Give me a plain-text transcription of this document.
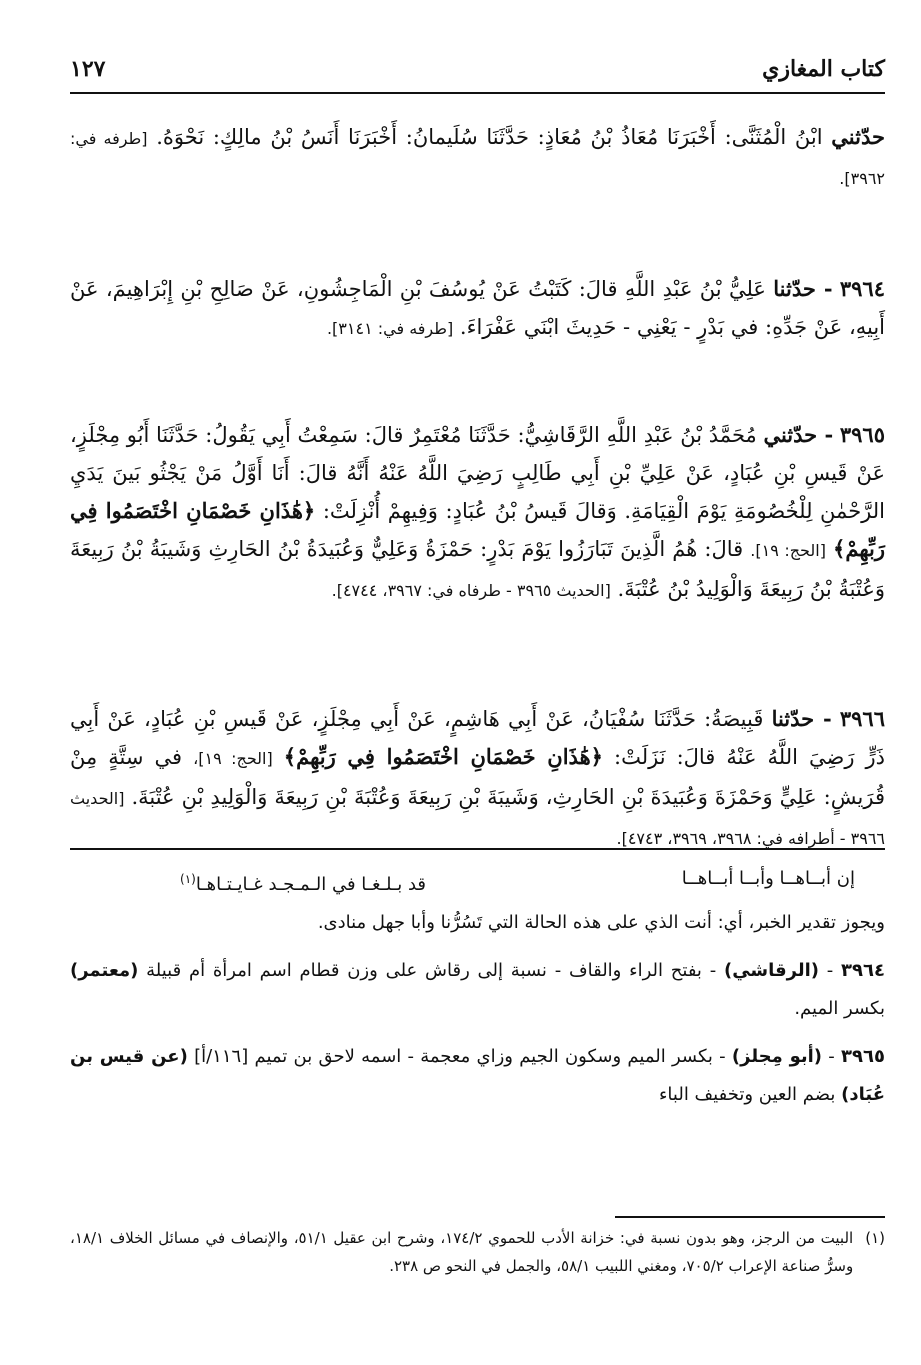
كتاب المغازي
١٢٧

حدّثني ابْنُ الْمُثَنَّى: أَخْبَرَنَا مُعَاذُ بْنُ مُعَاذٍ: حَدَّثَنَا سُلَيمانُ: أَخْبَرَنَا أَنَسُ بْنُ مالِكٍ: نَحْوَهُ. [طرفه في: ٣٩٦٢].

٣٩٦٤ - حدّثنا عَلِيُّ بْنُ عَبْدِ اللَّهِ قالَ: كَتَبْتُ عَنْ يُوسُفَ بْنِ الْمَاجِشُونِ، عَنْ صَالِحِ بْنِ إِبْرَاهِيمَ، عَنْ أَبِيهِ، عَنْ جَدِّهِ: في بَدْرٍ - يَعْنِي - حَدِيثَ ابْنَي عَفْرَاءَ. [طرفه في: ٣١٤١].

٣٩٦٥ - حدّثني مُحَمَّدُ بْنُ عَبْدِ اللَّهِ الرَّقَاشِيُّ: حَدَّثَنَا مُعْتَمِرٌ قالَ: سَمِعْتُ أَبِي يَقُولُ: حَدَّثَنَا أَبُو مِجْلَزٍ، عَنْ قَيسِ بْنِ عُبَادٍ، عَنْ عَلِيِّ بْنِ أَبِي طَالِبٍ رَضِيَ اللَّهُ عَنْهُ أَنَّهُ قالَ: أَنَا أَوَّلُ مَنْ يَجْثُو بَينَ يَدَيِ الرَّحْمٰنِ لِلْخُصُومَةِ يَوْمَ الْقِيَامَةِ. وَقالَ قَيسُ بْنُ عُبَادٍ: وَفِيهِمْ أُنْزِلَتْ: ﴿هَٰذَانِ خَصْمَانِ اخْتَصَمُوا فِي رَبِّهِمْ﴾ [الحج: ١٩]. قالَ: هُمُ الَّذِينَ تَبَارَزُوا يَوْمَ بَدْرٍ: حَمْزَةُ وَعَلِيٌّ وَعُبَيدَةُ بْنُ الحَارِثِ وَشَيبَةُ بْنُ رَبِيعَةَ وَعُتْبَةُ بْنُ رَبِيعَةَ وَالْوَلِيدُ بْنُ عُتْبَةَ. [الحديث ٣٩٦٥ - طرفاه في: ٣٩٦٧، ٤٧٤٤].

٣٩٦٦ - حدّثنا قَبِيصَةُ: حَدَّثَنَا سُفْيَانُ، عَنْ أَبِي هَاشِمٍ، عَنْ أَبِي مِجْلَزٍ، عَنْ قَيسِ بْنِ عُبَادٍ، عَنْ أَبِي ذَرٍّ رَضِيَ اللَّهُ عَنْهُ قالَ: نَزَلَتْ: ﴿هَٰذَانِ خَصْمَانِ اخْتَصَمُوا فِي رَبِّهِمْ﴾ [الحج: ١٩]، في سِتَّةٍ مِنْ قُرَيشٍ: عَلِيٍّ وَحَمْزَةَ وَعُبَيدَةَ بْنِ الحَارِثِ، وَشَيبَةَ بْنِ رَبِيعَةَ وَعُتْبَةَ بْنِ رَبِيعَةَ وَالْوَلِيدِ بْنِ عُتْبَةَ. [الحديث ٣٩٦٦ - أطرافه في: ٣٩٦٨، ٣٩٦٩، ٤٧٤٣].

إن أبــاهــا وأبــا أبــاهــا
قد بـلـغـا في الـمـجـد غـايـتـاهـا$^{(١)}$

ويجوز تقدير الخبر، أي: أنت الذي على هذه الحالة التي تَسُرُّنا وأبا جهل منادى.

٣٩٦٤ - (الرقاشي) - بفتح الراء والقاف - نسبة إلى رقاش على وزن قطام اسم امرأة أم قبيلة (معتمر) بكسر الميم.

٣٩٦٥ - (أبو مِجلز) - بكسر الميم وسكون الجيم وزاي معجمة - اسمه لاحق بن تميم [١١٦/أ] (عن قيس بن عُبَاد) بضم العين وتخفيف الباء

(١)
البيت من الرجز، وهو بدون نسبة في: خزانة الأدب للحموي ١٧٤/٢، وشرح ابن عقيل ٥١/١، والإنصاف في مسائل الخلاف ١٨/١، وسرُّ صناعة الإعراب ٧٠٥/٢، ومغني اللبيب ٥٨/١، والجمل في النحو ص ٢٣٨.
